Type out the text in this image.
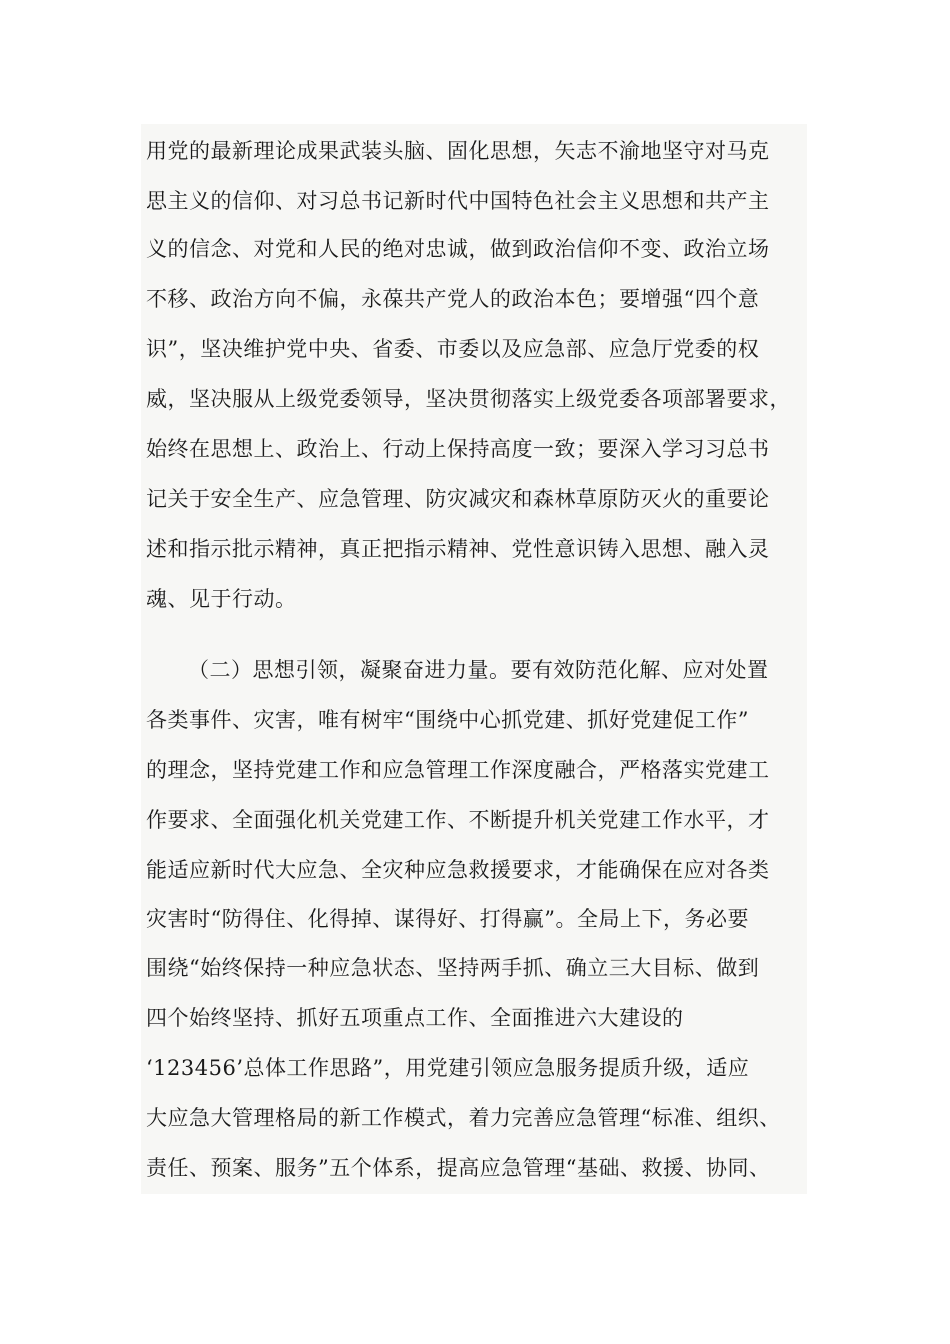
用党的最新理论成果武装头脑、固化思想，矢志不渝地坚守对马克
思主义的信仰、对习总书记新时代中国特色社会主义思想和共产主
义的信念、对党和人民的绝对忠诚，做到政治信仰不变、政治立场
不移、政治方向不偏，永葆共产党人的政治本色；要增强“四个意
识”，坚决维护党中央、省委、市委以及应急部、应急厅党委的权
威，坚决服从上级党委领导，坚决贯彻落实上级党委各项部署要求，
始终在思想上、政治上、行动上保持高度一致；要深入学习习总书
记关于安全生产、应急管理、防灾减灾和森林草原防灭火的重要论
述和指示批示精神，真正把指示精神、党性意识铸入思想、融入灵
魂、见于行动。
（二）思想引领，凝聚奋进力量。要有效防范化解、应对处置
各类事件、灾害，唯有树牢“围绕中心抓党建、抓好党建促工作”
的理念，坚持党建工作和应急管理工作深度融合，严格落实党建工
作要求、全面强化机关党建工作、不断提升机关党建工作水平，才
能适应新时代大应急、全灾种应急救援要求，才能确保在应对各类
灾害时“防得住、化得掉、谋得好、打得赢”。全局上下，务必要
围绕“始终保持一种应急状态、坚持两手抓、确立三大目标、做到
四个始终坚持、抓好五项重点工作、全面推进六大建设的
‘123456’总体工作思路”，用党建引领应急服务提质升级，适应
大应急大管理格局的新工作模式，着力完善应急管理“标准、组织、
责任、预案、服务”五个体系，提高应急管理“基础、救援、协同、
